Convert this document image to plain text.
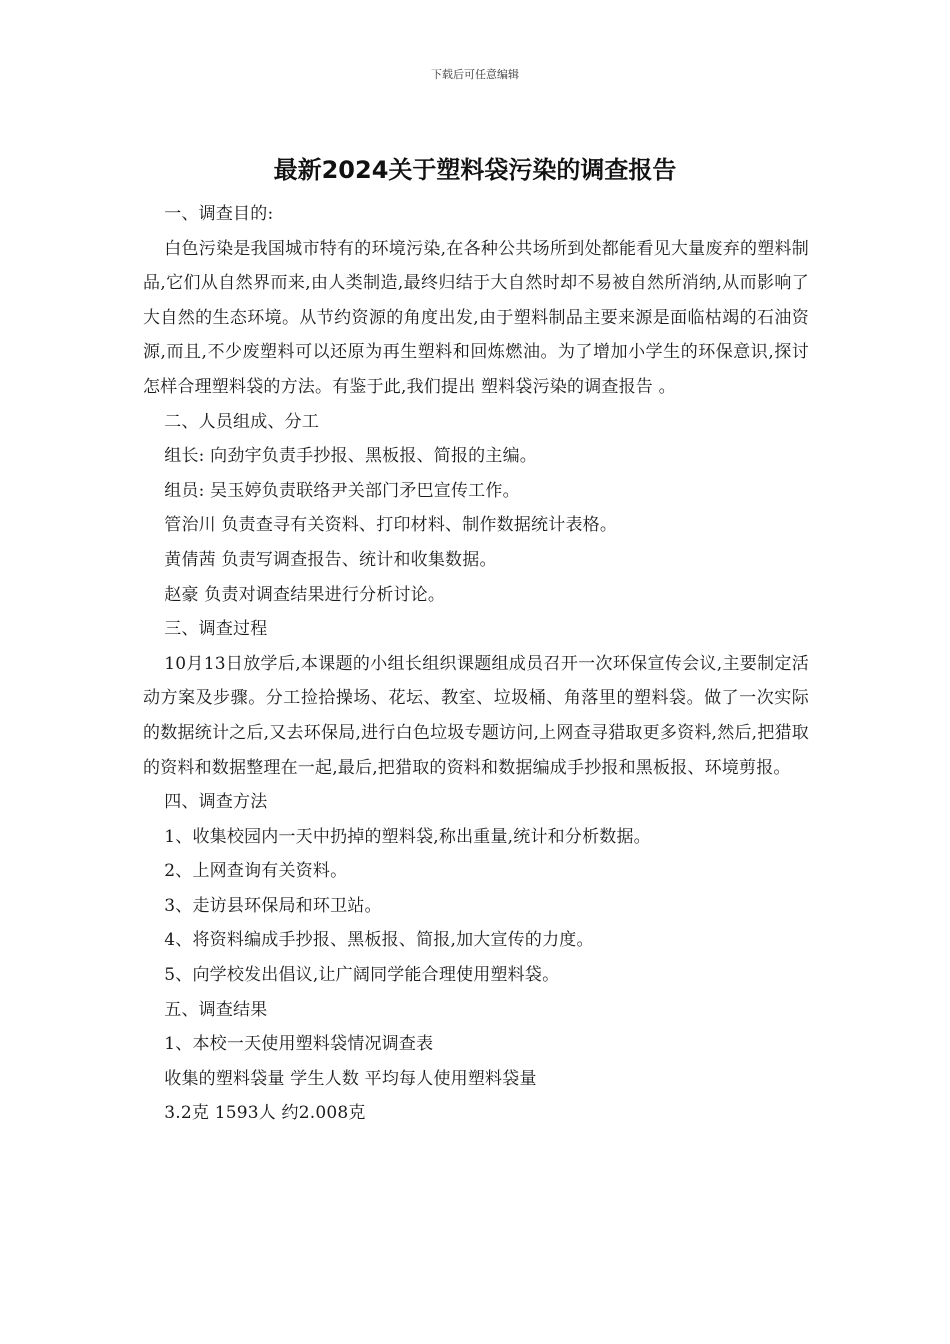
下载后可任意编辑
最新2024关于塑料袋污染的调查报告

一、调查目的:

白色污染是我国城市特有的环境污染,在各种公共场所到处都能看见大量废弃的塑料制品,它们从自然界而来,由人类制造,最终归结于大自然时却不易被自然所消纳,从而影响了大自然的生态环境。从节约资源的角度出发,由于塑料制品主要来源是面临枯竭的石油资源,而且,不少废塑料可以还原为再生塑料和回炼燃油。为了增加小学生的环保意识,探讨怎样合理塑料袋的方法。有鉴于此,我们提出 塑料袋污染的调查报告 。

二、人员组成、分工

组长: 向劲宇负责手抄报、黑板报、简报的主编。

组员: 吴玉婷负责联络尹关部门矛巴宣传工作。

管治川 负责查寻有关资料、打印材料、制作数据统计表格。

黄倩茜 负责写调查报告、统计和收集数据。

赵豪 负责对调查结果进行分析讨论。

三、调查过程

10月13日放学后,本课题的小组长组织课题组成员召开一次环保宣传会议,主要制定活动方案及步骤。分工捡拾操场、花坛、教室、垃圾桶、角落里的塑料袋。做了一次实际的数据统计之后,又去环保局,进行白色垃圾专题访问,上网查寻猎取更多资料,然后,把猎取的资料和数据整理在一起,最后,把猎取的资料和数据编成手抄报和黑板报、环境剪报。

四、调查方法

1、收集校园内一天中扔掉的塑料袋,称出重量,统计和分析数据。

2、上网查询有关资料。

3、走访县环保局和环卫站。

4、将资料编成手抄报、黑板报、简报,加大宣传的力度。

5、向学校发出倡议,让广阔同学能合理使用塑料袋。

五、调查结果

1、本校一天使用塑料袋情况调查表

收集的塑料袋量 学生人数 平均每人使用塑料袋量

3.2克 1593人 约2.008克
